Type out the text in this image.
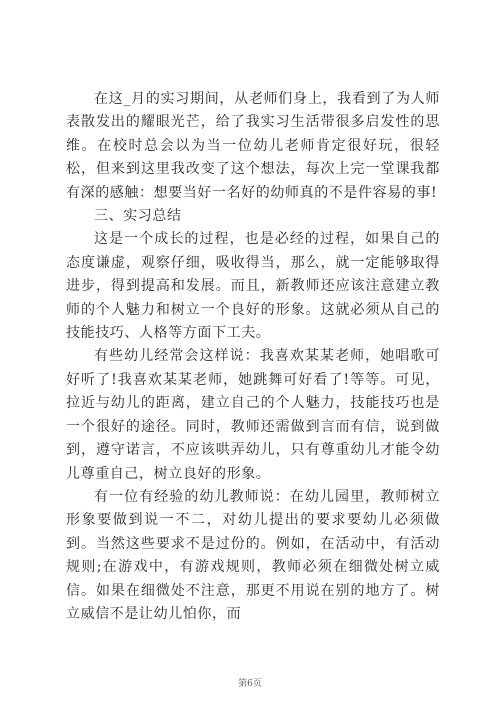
在这_月的实习期间，从老师们身上，我看到了为人师表散发出的耀眼光芒，给了我实习生活带很多启发性的思维。在校时总会以为当一位幼儿老师肯定很好玩，很轻松，但来到这里我改变了这个想法，每次上完一堂课我都有深的感触：想要当好一名好的幼师真的不是件容易的事!

三、实习总结

这是一个成长的过程，也是必经的过程，如果自己的态度谦虚，观察仔细，吸收得当，那么，就一定能够取得进步，得到提高和发展。而且，新教师还应该注意建立教师的个人魅力和树立一个良好的形象。这就必须从自己的技能技巧、人格等方面下工夫。

有些幼儿经常会这样说：我喜欢某某老师，她唱歌可好听了!我喜欢某某老师，她跳舞可好看了!等等。可见，拉近与幼儿的距离，建立自己的个人魅力，技能技巧也是一个很好的途径。同时，教师还需做到言而有信，说到做到，遵守诺言，不应该哄弄幼儿，只有尊重幼儿才能令幼儿尊重自己，树立良好的形象。

有一位有经验的幼儿教师说：在幼儿园里，教师树立形象要做到说一不二，对幼儿提出的要求要幼儿必须做到。当然这些要求不是过份的。例如，在活动中，有活动规则;在游戏中，有游戏规则，教师必须在细微处树立威信。如果在细微处不注意，那更不用说在别的地方了。树立威信不是让幼儿怕你，而

第6页
